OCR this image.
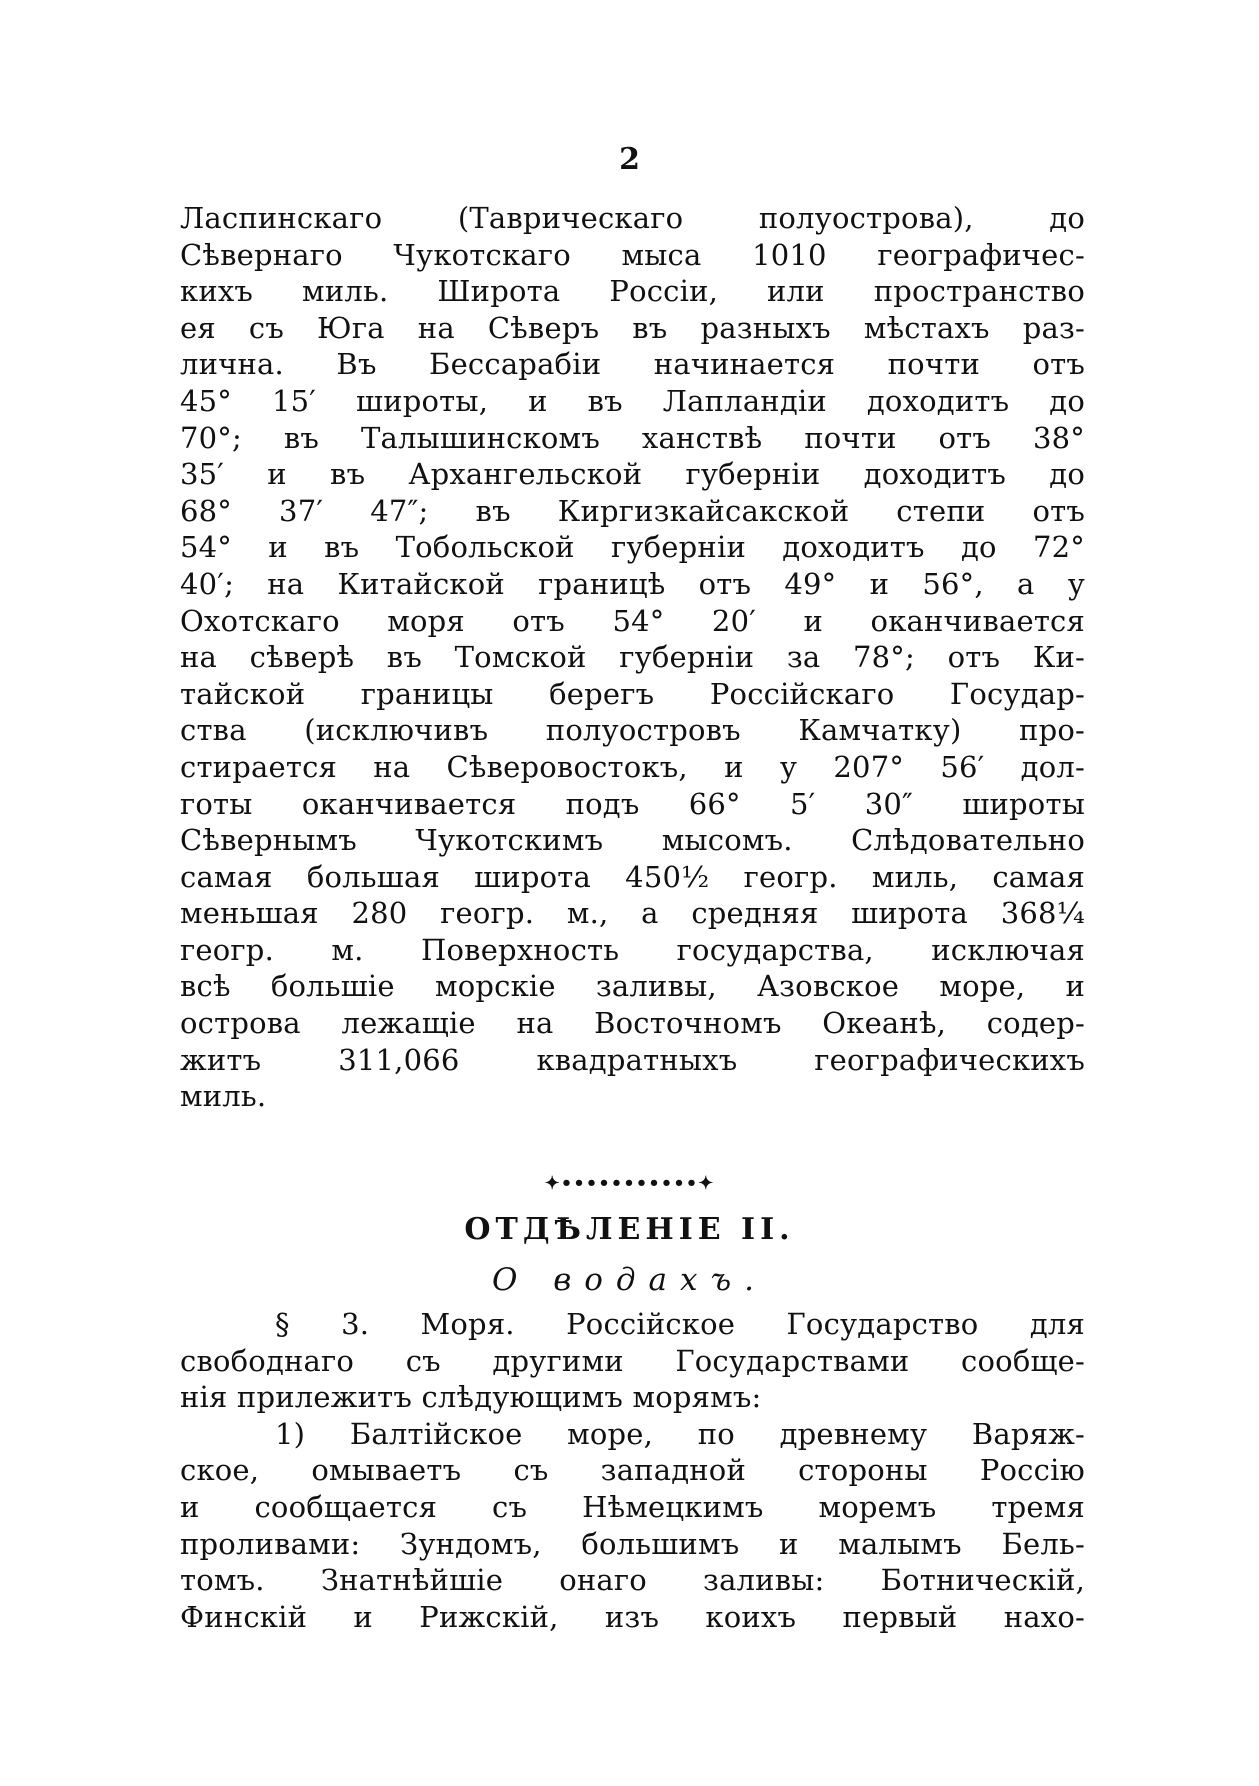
2
Ласпинскаго (Таврическаго полуострова), до
Сѣвернаго Чукотскаго мыса 1010 географичес-
кихъ миль. Широта Россіи, или пространство
ея съ Юга на Сѣверъ въ разныхъ мѣстахъ раз-
лична. Въ Бессарабіи начинается почти отъ
45° 15′ широты, и въ Лапландіи доходитъ до
70°; въ Талышинскомъ ханствѣ почти отъ 38°
35′ и въ Архангельской губерніи доходитъ до
68° 37′ 47″; въ Киргизкайсакской степи отъ
54° и въ Тобольской губерніи доходитъ до 72°
40′; на Китайской границѣ отъ 49° и 56°, а у
Охотскаго моря отъ 54° 20′ и оканчивается
на сѣверѣ въ Томской губерніи за 78°; отъ Ки-
тайской границы берегъ Россійскаго Государ-
ства (исключивъ полуостровъ Камчатку) про-
стирается на Сѣверовостокъ, и у 207° 56′ дол-
готы оканчивается подъ 66° 5′ 30″ широты
Сѣвернымъ Чукотскимъ мысомъ. Слѣдовательно
самая большая широта 450½ геогр. миль, самая
меньшая 280 геогр. м., а средняя широта 368¼
геогр. м. Поверхность государства, исключая
всѣ большіе морскіе заливы, Азовское море, и
острова лежащіе на Восточномъ Океанѣ, содер-
житъ 311,066 квадратныхъ географическихъ
миль.
✦•••••••••••✦
ОТДѢЛЕНІЕ II.
О водахъ.
§ 3. Моря. Россійское Государство для
свободнаго съ другими Государствами сообще-
нія прилежитъ слѣдующимъ морямъ:
1) Балтійское море, по древнему Варяж-
ское, омываетъ съ западной стороны Россію
и сообщается съ Нѣмецкимъ моремъ тремя
проливами: Зундомъ, большимъ и малымъ Бель-
томъ. Знатнѣйшіе онаго заливы: Ботническій,
Финскій и Рижскій, изъ коихъ первый нахо-
